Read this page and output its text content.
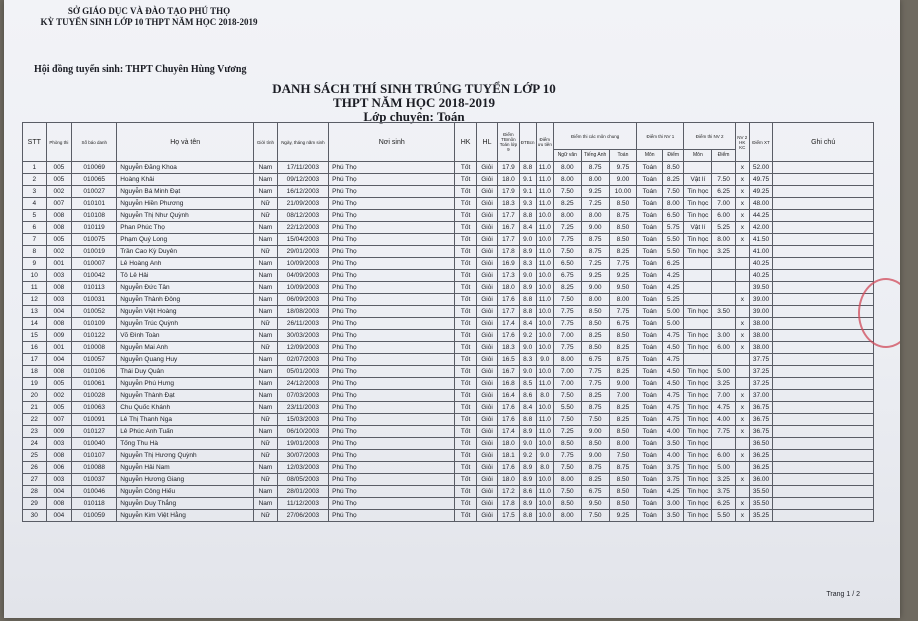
SỞ GIÁO DỤC VÀ ĐÀO TẠO PHÚ THỌ
KỲ TUYỂN SINH LỚP 10 THPT NĂM HỌC 2018-2019
Hội đồng tuyển sinh: THPT Chuyên Hùng Vương
DANH SÁCH THÍ SINH TRÚNG TUYỂN LỚP 10
THPT NĂM HỌC 2018-2019
Lớp chuyên: Toán
STT	Phòng thi	Số báo danh	Họ và tên	Giới tính	Ngày, tháng năm sinh	Nơi sinh	HK	HL	Điểm TBmôn Toán lớp 9	ĐTBcn	Điểm ưu tiên	Điểm thi các môn chung			Điểm thi NV 1		Điểm thi NV 2		NV 2 HK KC	Điểm XT	Ghi chú
												Ngữ văn	Tiếng Anh	Toán	Môn	Điểm	Môn	Điểm			
1	005	010069	Nguyễn Đăng Khoa	Nam	17/11/2003	Phú Thọ	Tốt	Giỏi	17.9	8.8	11.0	8.00	8.75	9.75	Toán	8.50			x	52.00	
2	005	010065	Hoàng Khải	Nam	09/12/2003	Phú Thọ	Tốt	Giỏi	18.0	9.1	11.0	8.00	8.00	9.00	Toán	8.25	Vật lí	7.50	x	49.75	
3	002	010027	Nguyễn Bá Minh Đạt	Nam	16/12/2003	Phú Thọ	Tốt	Giỏi	17.9	9.1	11.0	7.50	9.25	10.00	Toán	7.50	Tin học	6.25	x	49.25	
4	007	010101	Nguyễn Hiền Phương	Nữ	21/09/2003	Phú Thọ	Tốt	Giỏi	18.3	9.3	11.0	8.25	7.25	8.50	Toán	8.00	Tin học	7.00	x	48.00	
5	008	010108	Nguyễn Thị Như Quỳnh	Nữ	08/12/2003	Phú Thọ	Tốt	Giỏi	17.7	8.8	10.0	8.00	8.00	8.75	Toán	6.50	Tin học	6.00	x	44.25	
6	008	010119	Phan Phúc Thọ	Nam	22/12/2003	Phú Thọ	Tốt	Giỏi	16.7	8.4	11.0	7.25	9.00	8.50	Toán	5.75	Vật lí	5.25	x	42.00	
7	005	010075	Phạm Quý Long	Nam	15/04/2003	Phú Thọ	Tốt	Giỏi	17.7	9.0	10.0	7.75	8.75	8.50	Toán	5.50	Tin học	8.00	x	41.50	
8	002	010019	Trần Cao Kỳ Duyên	Nữ	29/01/2003	Phú Thọ	Tốt	Giỏi	17.8	8.9	11.0	7.50	8.75	8.25	Toán	5.50	Tin học	3.25		41.00	
9	001	010007	Lê Hoàng Anh	Nam	10/09/2003	Phú Thọ	Tốt	Giỏi	16.9	8.3	11.0	6.50	7.25	7.75	Toán	6.25				40.25	
10	003	010042	Tô Lê Hải	Nam	04/09/2003	Phú Thọ	Tốt	Giỏi	17.3	9.0	10.0	6.75	9.25	9.25	Toán	4.25				40.25	
11	008	010113	Nguyễn Đức Tân	Nam	10/09/2003	Phú Thọ	Tốt	Giỏi	18.0	8.9	10.0	8.25	9.00	9.50	Toán	4.25				39.50	
12	003	010031	Nguyễn Thành Đông	Nam	06/09/2003	Phú Thọ	Tốt	Giỏi	17.6	8.8	11.0	7.50	8.00	8.00	Toán	5.25			x	39.00	
13	004	010052	Nguyễn Việt Hoàng	Nam	18/08/2003	Phú Thọ	Tốt	Giỏi	17.7	8.8	10.0	7.75	8.50	7.75	Toán	5.00	Tin học	3.50		39.00	
14	008	010109	Nguyễn Trúc Quỳnh	Nữ	26/11/2003	Phú Thọ	Tốt	Giỏi	17.4	8.4	10.0	7.75	8.50	6.75	Toán	5.00			x	38.00	
15	009	010122	Võ Đình Toàn	Nam	30/03/2003	Phú Thọ	Tốt	Giỏi	17.6	9.2	10.0	7.00	8.25	8.50	Toán	4.75	Tin học	3.00	x	38.00	
16	001	010008	Nguyễn Mai Anh	Nữ	12/09/2003	Phú Thọ	Tốt	Giỏi	18.3	9.0	10.0	7.75	8.50	8.25	Toán	4.50	Tin học	6.00	x	38.00	
17	004	010057	Nguyễn Quang Huy	Nam	02/07/2003	Phú Thọ	Tốt	Giỏi	16.5	8.3	9.0	8.00	6.75	8.75	Toán	4.75				37.75	
18	008	010106	Thái Duy Quân	Nam	05/01/2003	Phú Thọ	Tốt	Giỏi	16.7	9.0	10.0	7.00	7.75	8.25	Toán	4.50	Tin học	5.00		37.25	
19	005	010061	Nguyễn Phú Hưng	Nam	24/12/2003	Phú Thọ	Tốt	Giỏi	16.8	8.5	11.0	7.00	7.75	9.00	Toán	4.50	Tin học	3.25		37.25	
20	002	010028	Nguyễn Thành Đạt	Nam	07/03/2003	Phú Thọ	Tốt	Giỏi	16.4	8.6	8.0	7.50	8.25	7.00	Toán	4.75	Tin học	7.00	x	37.00	
21	005	010063	Chu Quốc Khánh	Nam	23/11/2003	Phú Thọ	Tốt	Giỏi	17.6	8.4	10.0	5.50	8.75	8.25	Toán	4.75	Tin học	4.75	x	36.75	
22	007	010091	Lê Thị Thanh Nga	Nữ	15/03/2003	Phú Thọ	Tốt	Giỏi	17.6	8.8	11.0	7.50	7.50	8.25	Toán	4.75	Tin học	4.00	x	36.75	
23	009	010127	Lê Phúc Anh Tuấn	Nam	06/10/2003	Phú Thọ	Tốt	Giỏi	17.4	8.9	11.0	7.25	9.00	8.50	Toán	4.00	Tin học	7.75	x	36.75	
24	003	010040	Tống Thu Hà	Nữ	19/01/2003	Phú Thọ	Tốt	Giỏi	18.0	9.0	10.0	8.50	8.50	8.00	Toán	3.50	Tin học			36.50	
25	008	010107	Nguyễn Thị Hương Quỳnh	Nữ	30/07/2003	Phú Thọ	Tốt	Giỏi	18.1	9.2	9.0	7.75	9.00	7.50	Toán	4.00	Tin học	6.00	x	36.25	
26	006	010088	Nguyễn Hải Nam	Nam	12/03/2003	Phú Thọ	Tốt	Giỏi	17.6	8.9	8.0	7.50	8.75	8.75	Toán	3.75	Tin học	5.00		36.25	
27	003	010037	Nguyễn Hương Giang	Nữ	08/05/2003	Phú Thọ	Tốt	Giỏi	18.0	8.9	10.0	8.00	8.25	8.50	Toán	3.75	Tin học	3.25	x	36.00	
28	004	010046	Nguyễn Công Hiếu	Nam	28/01/2003	Phú Thọ	Tốt	Giỏi	17.2	8.6	11.0	7.50	6.75	8.50	Toán	4.25	Tin học	3.75		35.50	
29	008	010118	Nguyễn Duy Thắng	Nam	11/12/2003	Phú Thọ	Tốt	Giỏi	17.8	8.9	10.0	8.50	9.50	8.50	Toán	3.00	Tin học	6.25	x	35.50	
30	004	010059	Nguyễn Kim Việt Hằng	Nữ	27/06/2003	Phú Thọ	Tốt	Giỏi	17.5	8.8	10.0	8.00	7.50	9.25	Toán	3.50	Tin học	5.50	x	35.25	
Trang 1 / 2
